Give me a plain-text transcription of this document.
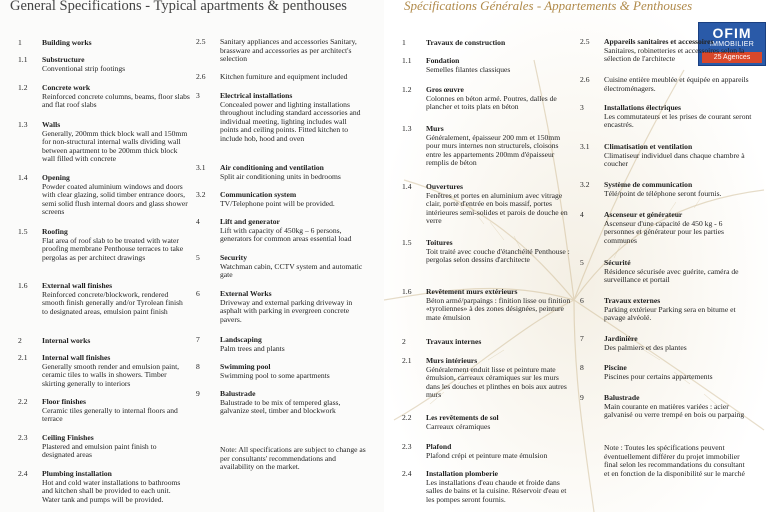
General Specifications - Typical apartments & penthouses	Spécifications Générales - Appartements & Penthouses
OFIM
IMMOBILIER
25 Agences
1	Building works
1.1 Substructure
Conventional strip footings
1.2 Concrete work
Reinforced concrete columns, beams, floor slabs and flat roof slabs
1.3 Walls
Generally, 200mm thick block wall and 150mm for non-structural internal walls dividing wall between apartment to be 200mm thick block wall filled with concrete
1.4 Opening
Powder coated aluminium windows and doors with clear glazing, solid timber entrance doors, semi solid flush internal doors and glass shower screens
1.5 Roofing
Flat area of roof slab to be treated with water proofing membrane Penthouse terraces to take pergolas as per architect drawings
1.6 External wall finishes
Reinforced concrete/blockwork, rendered smooth finish generally and/or Tyrolean finish to designated areas, emulsion paint finish
2	Internal works
2.1 Internal wall finishes
Generally smooth render and emulsion paint, ceramic tiles to walls in showers. Timber skirting generally to interiors
2.2 Floor finishes
Ceramic tiles generally to internal floors and terrace
2.3 Ceiling Finishes
Plastered and emulsion paint finish to designated areas
2.4 Plumbing installation
Hot and cold water installations to bathrooms and kitchen shall be provided to each unit. Water tank and pumps will be provided.
2.5 Sanitary appliances and accessories Sanitary, brassware and accessories as per architect's selection
2.6 Kitchen furniture and equipment included
3	Electrical installations
Concealed power and lighting installations throughout including standard accessories and individual meeting, lighting includes wall points and ceiling points. Fitted kitchen to include hob, hood and oven
3.1 Air conditioning and ventilation
Split air conditioning units in bedrooms
3.2 Communication system
TV/Telephone point will be provided.
4	Lift and generator
Lift with capacity of 450kg – 6 persons, generators for common areas essential load
5	Security
Watchman cabin, CCTV system and automatic gate
6	External Works
Driveway and external parking driveway in asphalt with parking in evergreen concrete pavers.
7	Landscaping
Palm trees and plants
8	Swimming pool
Swimming pool to some apartments
9	Balustrade
Balustrade to be mix of tempered glass, galvanize steel, timber and blockwork
Note: All specifications are subject to change as per consultants' recommendations and availability on the market.
1	Travaux de construction
1.1 Fondation
Semelles filantes classiques
1.2 Gros œuvre
Colonnes en béton armé. Poutres, dalles de plancher et toits plats en béton
1.3 Murs
Généralement, épaisseur 200 mm et 150mm pour murs internes non structurels, cloisons entre les appartements 200mm d'épaisseur remplis de béton
1.4 Ouvertures
Fenêtres et portes en aluminium avec vitrage clair, porte d'entrée en bois massif, portes intérieures semi-solides et parois de douche en verre
1.5 Toitures
Toit traité avec couche d'étanchéité Penthouse : pergolas selon dessins d'architecte
1.6 Revêtement murs extérieurs
Béton armé/parpaings : finition lisse ou finition «tyroliennes» à des zones désignées, peinture mate émulsion
2	Travaux internes
2.1 Murs intérieurs
Généralement enduit lisse et peinture mate émulsion, carreaux céramiques sur les murs dans les douches et plinthes en bois aux autres murs
2.2 Les revêtements de sol
Carreaux céramiques
2.3 Plafond
Plafond crépi et peinture mate émulsion
2.4 Installation plomberie
Les installations d'eau chaude et froide dans salles de bains et la cuisine. Réservoir d'eau et les pompes seront fournis.
2.5 Appareils sanitaires et accessoires
Sanitaires, robinetteries et accessoires selon la sélection de l'architecte
2.6 Cuisine entière meublée et équipée en appareils électroménagers.
3	Installations électriques
Les commutateurs et les prises de courant seront encastrés.
3.1 Climatisation et ventilation
Climatiseur individuel dans chaque chambre à coucher
3.2 Système de communication
Télé/point de téléphone seront fournis.
4	Ascenseur et générateur
Ascenseur d'une capacité de 450 kg - 6 personnes et générateur pour les parties communes
5	Sécurité
Résidence sécurisée avec guérite, caméra de surveillance et portail
6	Travaux externes
Parking extérieur Parking sera en bitume et pavage alvéolé.
7	Jardinière
Des palmiers et des plantes
8	Piscine
Piscines pour certains appartements
9	Balustrade
Main courante en matières variées : acier galvanisé ou verre trempé en bois ou parpaing
Note : Toutes les spécifications peuvent éventuellement différer du projet immobilier final selon les recommandations du consultant et en fonction de la disponibilité sur le marché
